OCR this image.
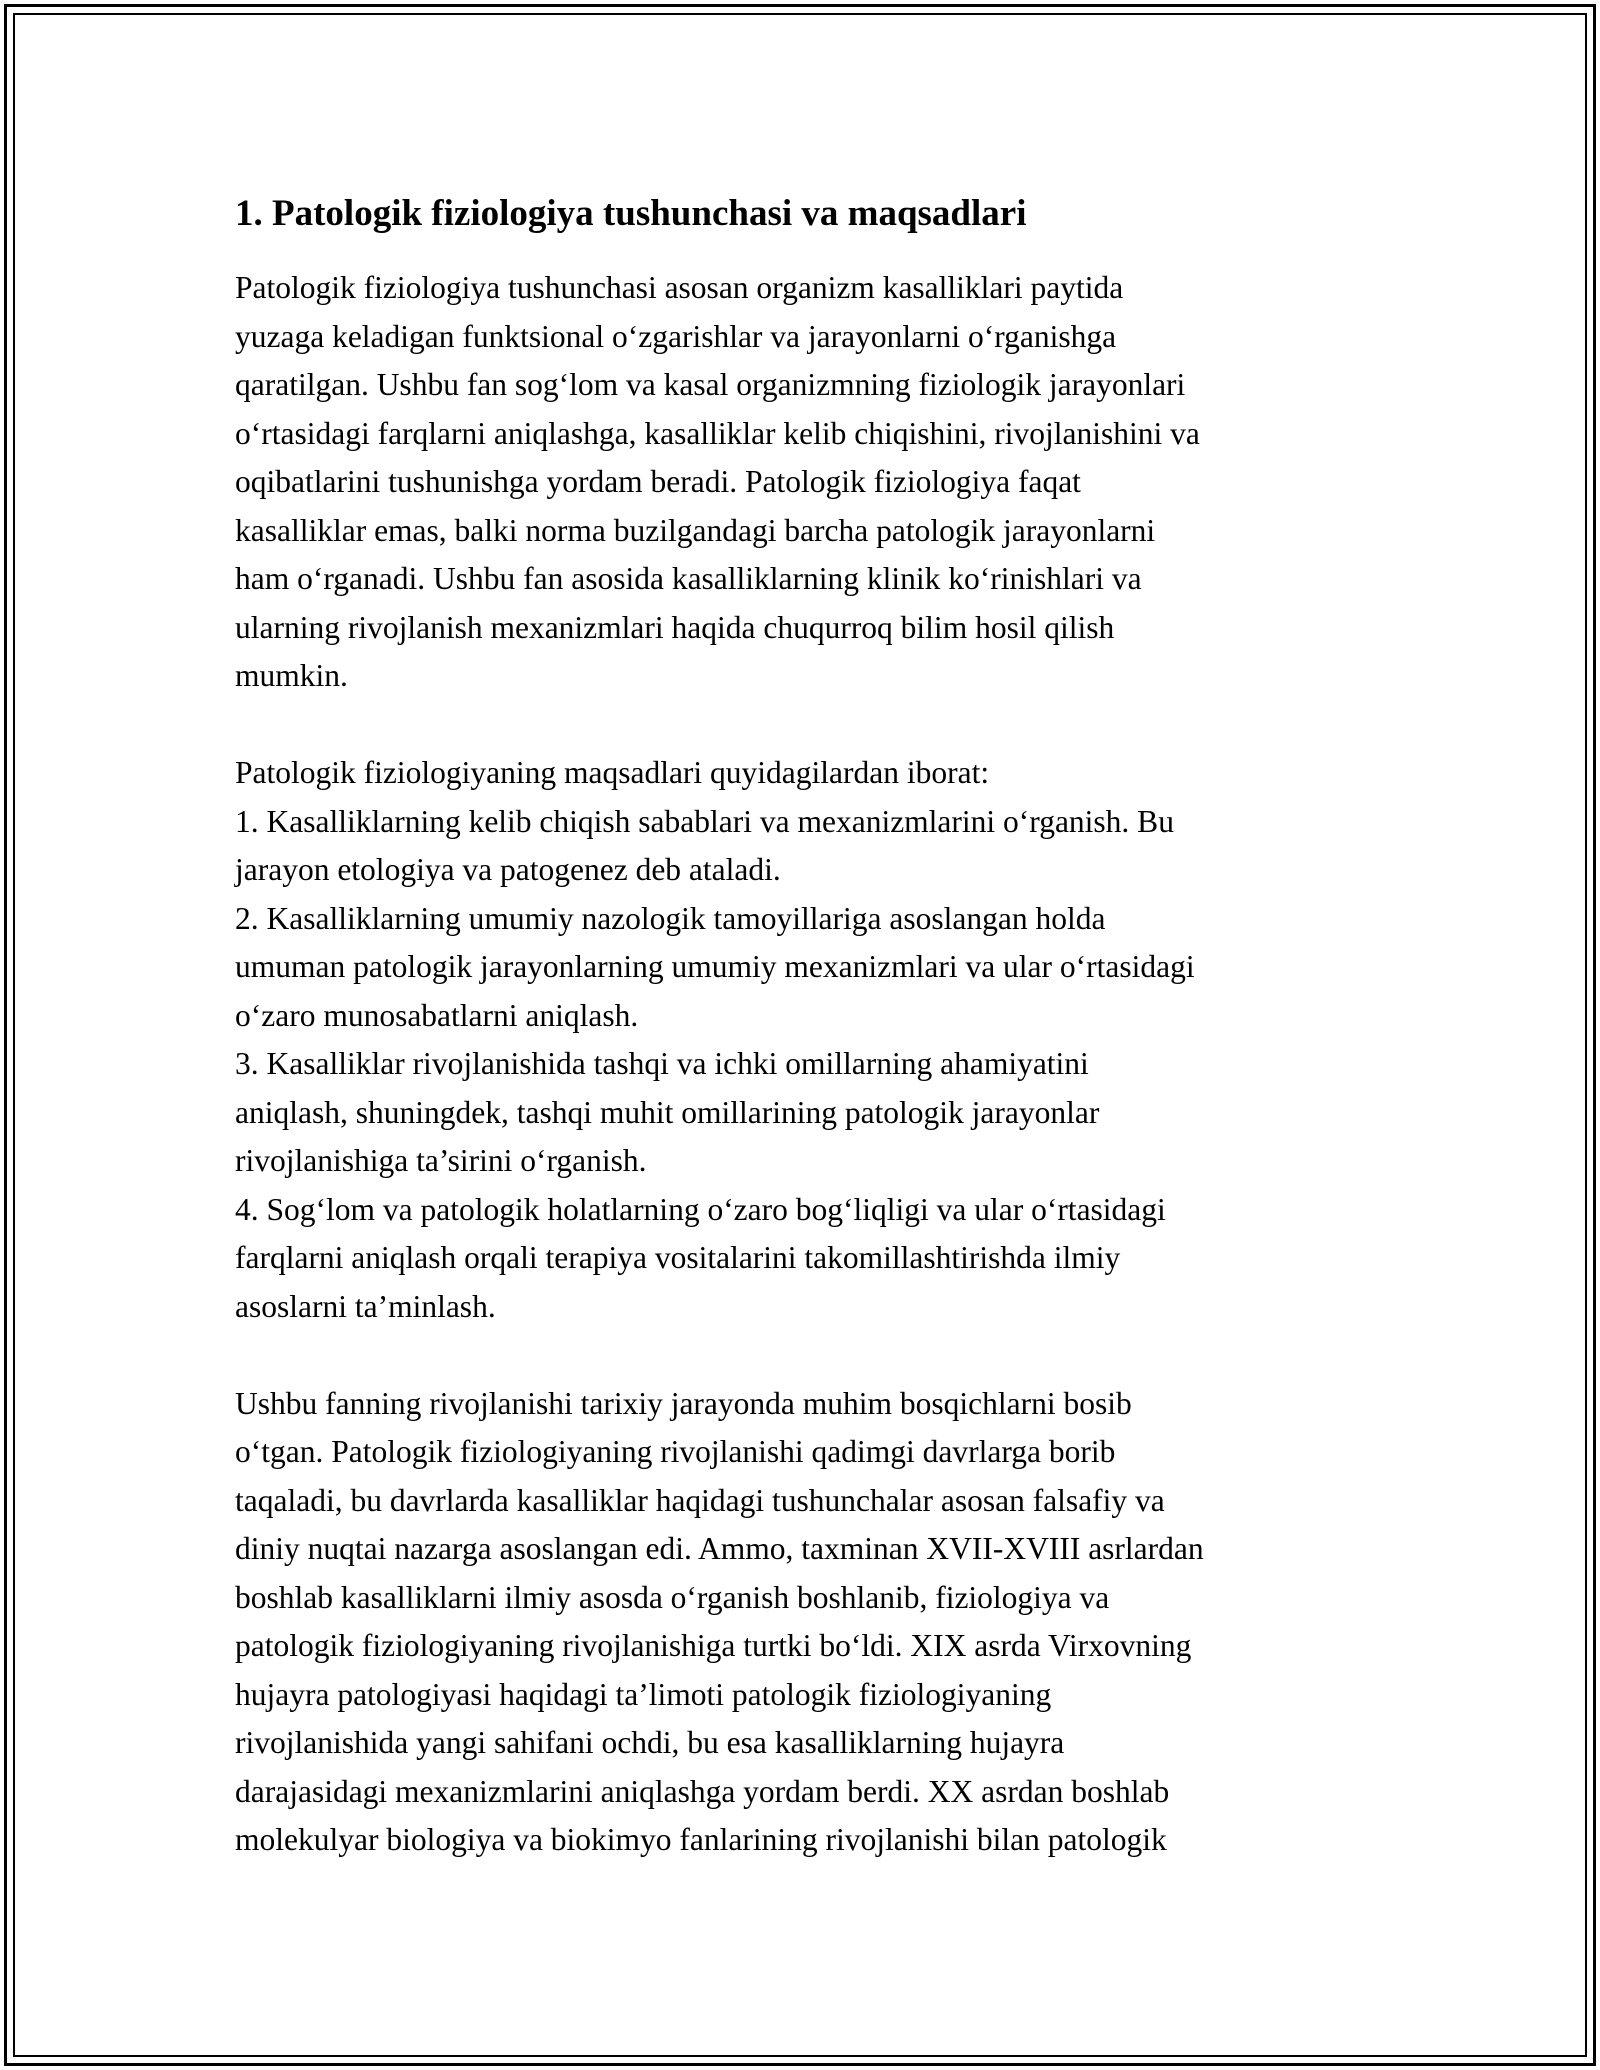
1. Patologik fiziologiya tushunchasi va maqsadlari

Patologik fiziologiya tushunchasi asosan organizm kasalliklari paytida
yuzaga keladigan funktsional o‘zgarishlar va jarayonlarni o‘rganishga
qaratilgan. Ushbu fan sog‘lom va kasal organizmning fiziologik jarayonlari
o‘rtasidagi farqlarni aniqlashga, kasalliklar kelib chiqishini, rivojlanishini va
oqibatlarini tushunishga yordam beradi. Patologik fiziologiya faqat
kasalliklar emas, balki norma buzilgandagi barcha patologik jarayonlarni
ham o‘rganadi. Ushbu fan asosida kasalliklarning klinik ko‘rinishlari va
ularning rivojlanish mexanizmlari haqida chuqurroq bilim hosil qilish
mumkin.

Patologik fiziologiyaning maqsadlari quyidagilardan iborat:
1. Kasalliklarning kelib chiqish sabablari va mexanizmlarini o‘rganish. Bu
jarayon etologiya va patogenez deb ataladi.
2. Kasalliklarning umumiy nazologik tamoyillariga asoslangan holda
umuman patologik jarayonlarning umumiy mexanizmlari va ular o‘rtasidagi
o‘zaro munosabatlarni aniqlash.
3. Kasalliklar rivojlanishida tashqi va ichki omillarning ahamiyatini
aniqlash, shuningdek, tashqi muhit omillarining patologik jarayonlar
rivojlanishiga ta’sirini o‘rganish.
4. Sog‘lom va patologik holatlarning o‘zaro bog‘liqligi va ular o‘rtasidagi
farqlarni aniqlash orqali terapiya vositalarini takomillashtirishda ilmiy
asoslarni ta’minlash.

Ushbu fanning rivojlanishi tarixiy jarayonda muhim bosqichlarni bosib
o‘tgan. Patologik fiziologiyaning rivojlanishi qadimgi davrlarga borib
taqaladi, bu davrlarda kasalliklar haqidagi tushunchalar asosan falsafiy va
diniy nuqtai nazarga asoslangan edi. Ammo, taxminan XVII-XVIII asrlardan
boshlab kasalliklarni ilmiy asosda o‘rganish boshlanib, fiziologiya va
patologik fiziologiyaning rivojlanishiga turtki bo‘ldi. XIX asrda Virxovning
hujayra patologiyasi haqidagi ta’limoti patologik fiziologiyaning
rivojlanishida yangi sahifani ochdi, bu esa kasalliklarning hujayra
darajasidagi mexanizmlarini aniqlashga yordam berdi. XX asrdan boshlab
molekulyar biologiya va biokimyo fanlarining rivojlanishi bilan patologik
